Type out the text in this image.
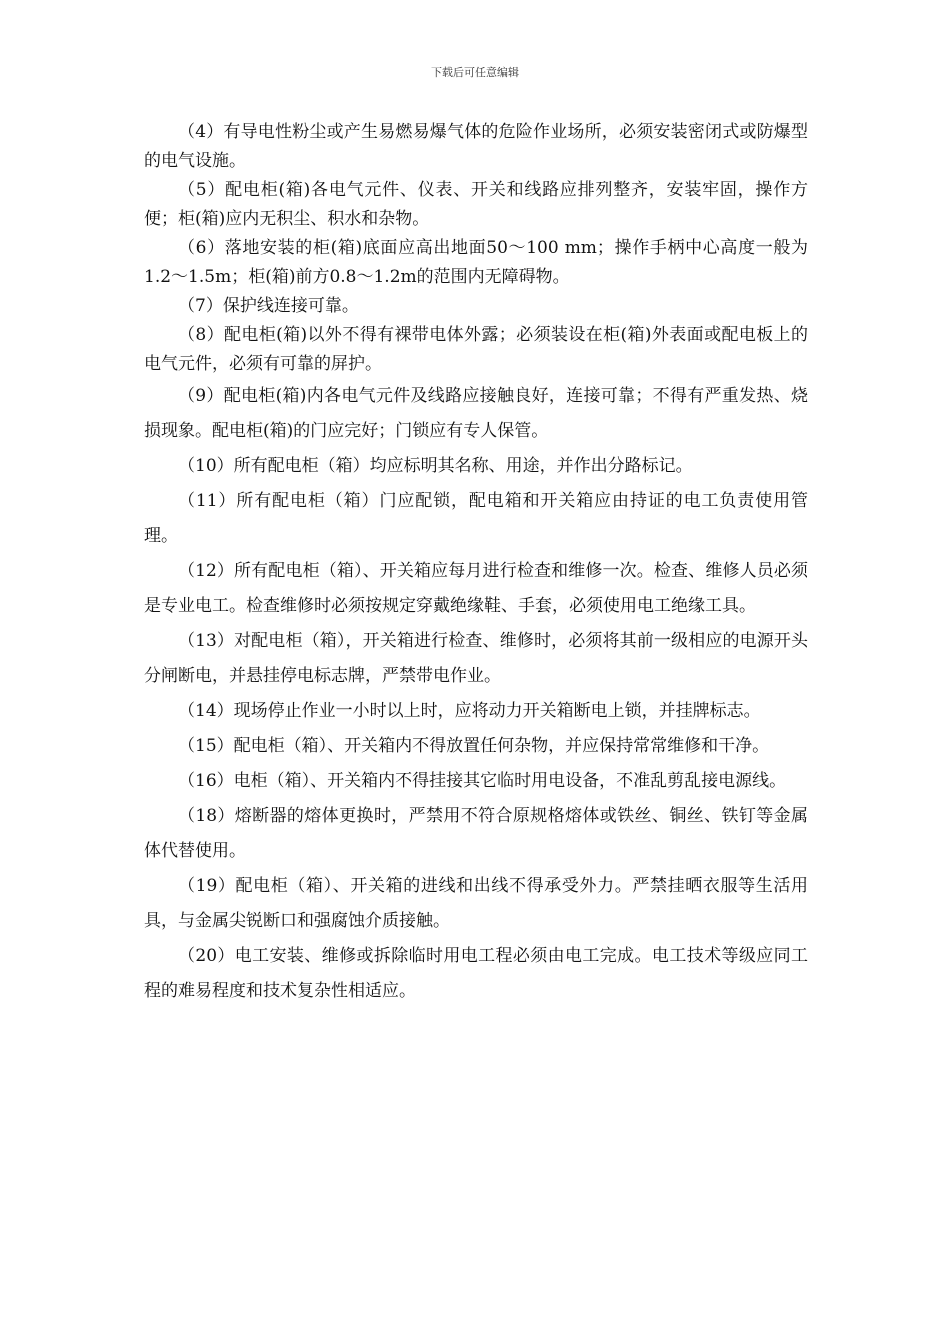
下载后可任意编辑

（4）有导电性粉尘或产生易燃易爆气体的危险作业场所，必须安装密闭式或防爆型的电气设施。

（5）配电柜(箱)各电气元件、仪表、开关和线路应排列整齐，安装牢固，操作方便；柜(箱)应内无积尘、积水和杂物。

（6）落地安装的柜(箱)底面应高出地面50～100 mm；操作手柄中心高度一般为1.2～1.5m；柜(箱)前方0.8～1.2m的范围内无障碍物。

（7）保护线连接可靠。

（8）配电柜(箱)以外不得有裸带电体外露；必须装设在柜(箱)外表面或配电板上的电气元件，必须有可靠的屏护。

（9）配电柜(箱)内各电气元件及线路应接触良好，连接可靠；不得有严重发热、烧损现象。配电柜(箱)的门应完好；门锁应有专人保管。

（10）所有配电柜（箱）均应标明其名称、用途，并作出分路标记。

（11）所有配电柜（箱）门应配锁，配电箱和开关箱应由持证的电工负责使用管理。

（12）所有配电柜（箱）、开关箱应每月进行检查和维修一次。检查、维修人员必须是专业电工。检查维修时必须按规定穿戴绝缘鞋、手套，必须使用电工绝缘工具。

（13）对配电柜（箱），开关箱进行检查、维修时，必须将其前一级相应的电源开头分闸断电，并悬挂停电标志牌，严禁带电作业。

（14）现场停止作业一小时以上时，应将动力开关箱断电上锁，并挂牌标志。

（15）配电柜（箱）、开关箱内不得放置任何杂物，并应保持常常维修和干净。

（16）电柜（箱）、开关箱内不得挂接其它临时用电设备，不准乱剪乱接电源线。

（18）熔断器的熔体更换时，严禁用不符合原规格熔体或铁丝、铜丝、铁钉等金属体代替使用。

（19）配电柜（箱）、开关箱的进线和出线不得承受外力。严禁挂晒衣服等生活用具，与金属尖锐断口和强腐蚀介质接触。

（20）电工安装、维修或拆除临时用电工程必须由电工完成。电工技术等级应同工程的难易程度和技术复杂性相适应。
